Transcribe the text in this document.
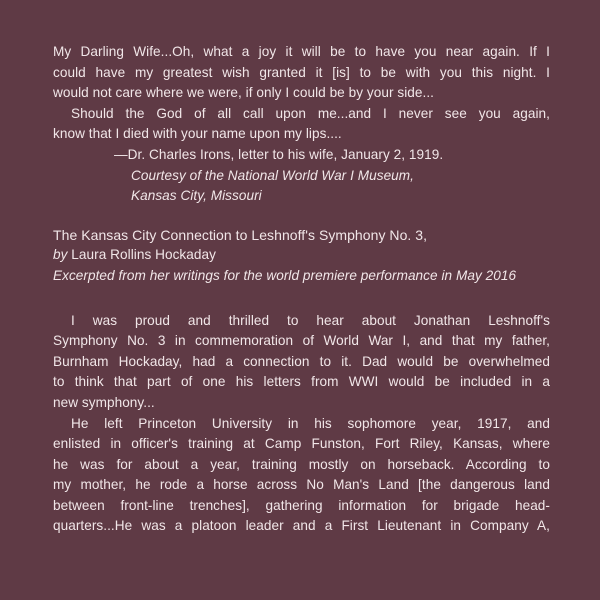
My Darling Wife...Oh, what a joy it will be to have you near again. If I
could have my greatest wish granted it [is] to be with you this night. I
would not care where we were, if only I could be by your side...
Should the God of all call upon me...and I never see you again,
know that I died with your name upon my lips....
—Dr. Charles Irons, letter to his wife, January 2, 1919.
Courtesy of the National World War I Museum,
Kansas City, Missouri
The Kansas City Connection to Leshnoff's Symphony No. 3,
by Laura Rollins Hockaday
Excerpted from her writings for the world premiere performance in May 2016
I was proud and thrilled to hear about Jonathan Leshnoff's
Symphony No. 3 in commemoration of World War I, and that my father,
Burnham Hockaday, had a connection to it. Dad would be overwhelmed
to think that part of one his letters from WWI would be included in a
new symphony...
He left Princeton University in his sophomore year, 1917, and
enlisted in officer's training at Camp Funston, Fort Riley, Kansas, where
he was for about a year, training mostly on horseback. According to
my mother, he rode a horse across No Man's Land [the dangerous land
between front-line trenches], gathering information for brigade head-
quarters...He was a platoon leader and a First Lieutenant in Company A,
